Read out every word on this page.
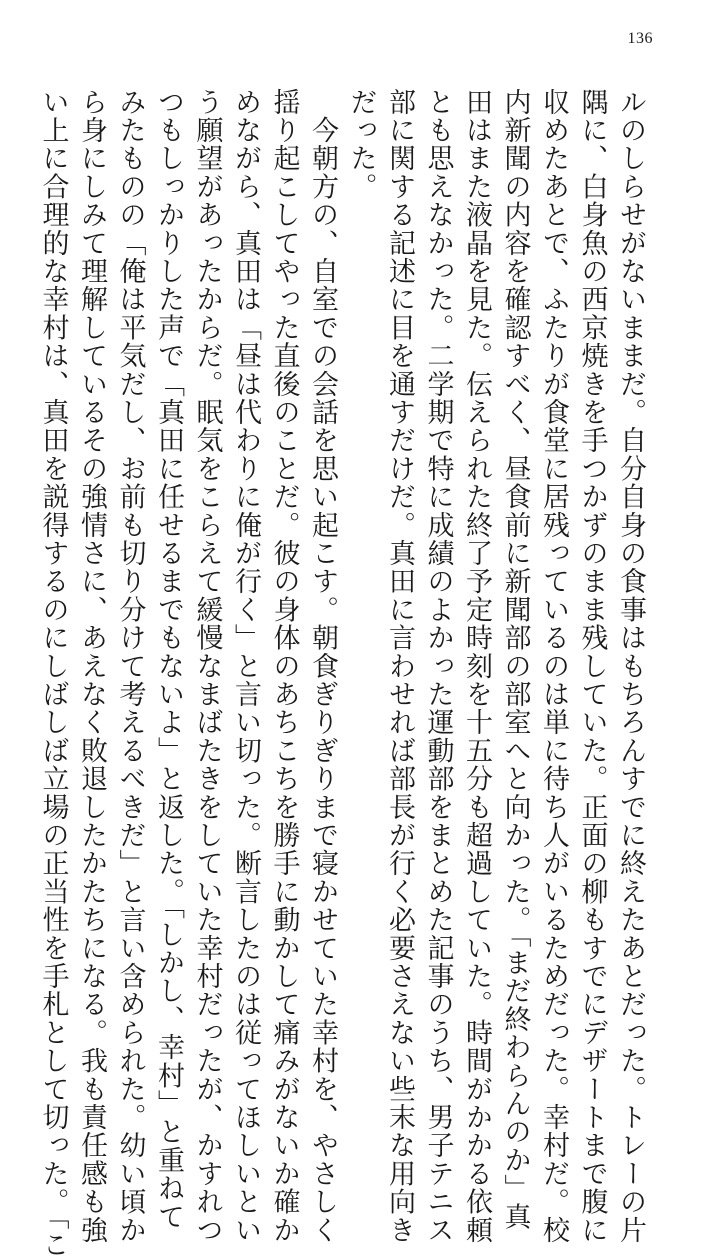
136
ルのしらせがないままだ。自分自身の食事はもちろんすでに終えたあとだった。トレーの片
隅に、白身魚の西京焼きを手つかずのまま残していた。正面の柳もすでにデザートまで腹に
収めたあとで、ふたりが食堂に居残っているのは単に待ち人がいるためだった。幸村だ。校
内新聞の内容を確認すべく、昼食前に新聞部の部室へと向かった。「まだ終わらんのか」真
田はまた液晶を見た。伝えられた終了予定時刻を十五分も超過していた。時間がかかる依頼
とも思えなかった。二学期で特に成績のよかった運動部をまとめた記事のうち、男子テニス
部に関する記述に目を通すだけだ。真田に言わせれば部長が行く必要さえない些末な用向き
だった。
　今朝方の、自室での会話を思い起こす。朝食ぎりぎりまで寝かせていた幸村を、やさしく
揺り起こしてやった直後のことだ。彼の身体のあちこちを勝手に動かして痛みがないか確か
めながら、真田は「昼は代わりに俺が行く」と言い切った。断言したのは従ってほしいとい
う願望があったからだ。眠気をこらえて緩慢なまばたきをしていた幸村だったが、かすれつ
つもしっかりした声で「真田に任せるまでもないよ」と返した。「しかし、幸村」と重ねて
みたものの「俺は平気だし、お前も切り分けて考えるべきだ」と言い含められた。幼い頃か
ら身にしみて理解しているその強情さに、あえなく敗退したかたちになる。我も責任感も強
い上に合理的な幸村は、真田を説得するのにしばしば立場の正当性を手札として切った。「こ
